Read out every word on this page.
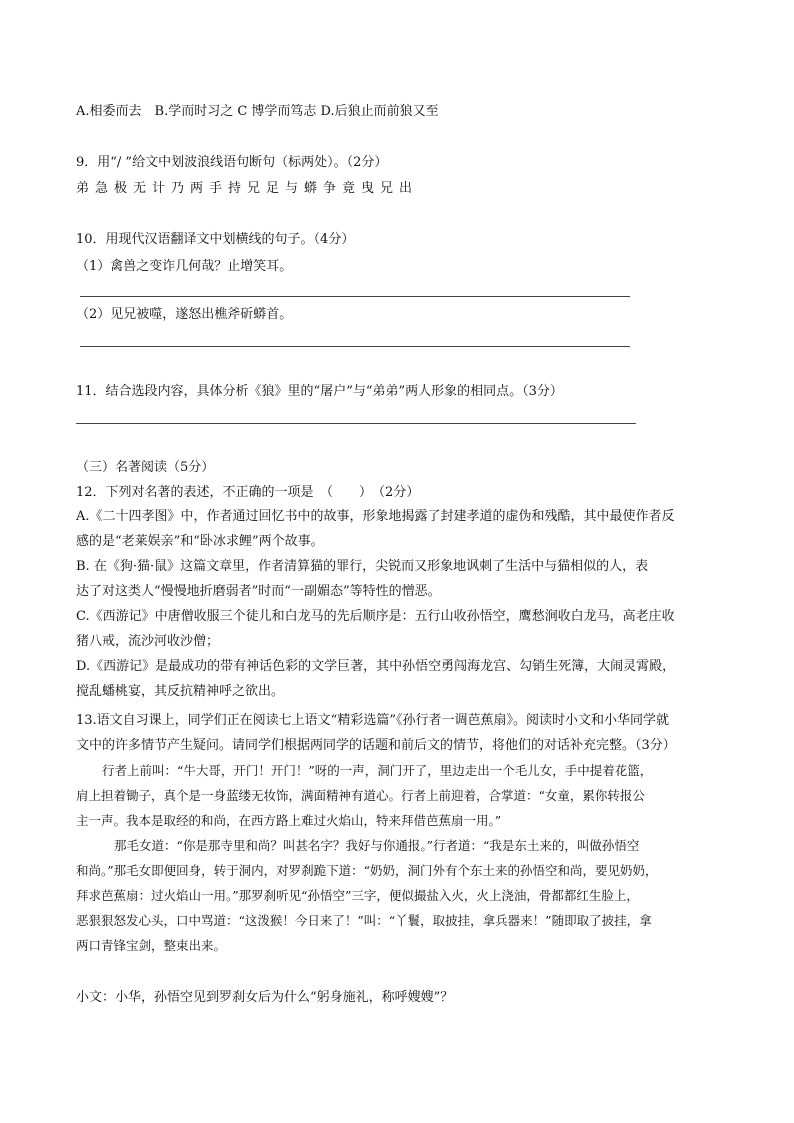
A.相委而去　B.学而时习之 C 博学而笃志 D.后狼止而前狼又至
9．用“/ ”给文中划波浪线语句断句（标两处）。（2分）
弟急极无计乃两手持兄足与蟒争竟曳兄出
10．用现代汉语翻译文中划横线的句子。（4分）
（1）禽兽之变诈几何哉？止增笑耳。
（2）见兄被噬，遂怒出樵斧斫蟒首。
11．结合选段内容，具体分析《狼》里的“屠户”与“弟弟”两人形象的相同点。（3分）
（三）名著阅读（5分）
12．下列对名著的表述，不正确的一项是　（　　）　（2分）
A.《二十四孝图》中，作者通过回忆书中的故事，形象地揭露了封建孝道的虚伪和残酷，其中最使作者反
感的是“老莱娱亲”和“卧冰求鲤”两个故事。
B. 在《狗·猫·鼠》这篇文章里，作者清算猫的罪行，尖锐而又形象地讽刺了生活中与猫相似的人，表
达了对这类人“慢慢地折磨弱者”时而“一副媚态”等特性的憎恶。
C.《西游记》中唐僧收服三个徒儿和白龙马的先后顺序是：五行山收孙悟空，鹰愁涧收白龙马，高老庄收
猪八戒，流沙河收沙僧；
D.《西游记》是最成功的带有神话色彩的文学巨著，其中孙悟空勇闯海龙宫、勾销生死簿，大闹灵霄殿，
搅乱蟠桃宴，其反抗精神呼之欲出。
13.语文自习课上，同学们正在阅读七上语文“精彩选篇”《孙行者一调芭蕉扇》。阅读时小文和小华同学就
文中的许多情节产生疑问。请同学们根据两同学的话题和前后文的情节，将他们的对话补充完整。（3分）
行者上前叫：“牛大哥，开门！开门！”呀的一声，洞门开了，里边走出一个毛儿女，手中提着花篮，
肩上担着锄子，真个是一身蓝缕无妆饰，满面精神有道心。行者上前迎着，合掌道：“女童，累你转报公
主一声。我本是取经的和尚，在西方路上难过火焰山，特来拜借芭蕉扇一用。”
那毛女道：“你是那寺里和尚？叫甚名字？我好与你通报。”行者道：“我是东土来的，叫做孙悟空
和尚。”那毛女即便回身，转于洞内，对罗刹跪下道：“奶奶，洞门外有个东土来的孙悟空和尚，要见奶奶，
拜求芭蕉扇：过火焰山一用。”那罗刹听见“孙悟空”三字，便似撮盐入火，火上浇油，骨都都红生脸上，
恶狠狠怒发心头，口中骂道：“这泼猴！今日来了！”叫：“丫鬟，取披挂，拿兵器来！”随即取了披挂，拿
两口青锋宝剑，整束出来。
小文：小华，孙悟空见到罗刹女后为什么“躬身施礼，称呼嫂嫂”？
